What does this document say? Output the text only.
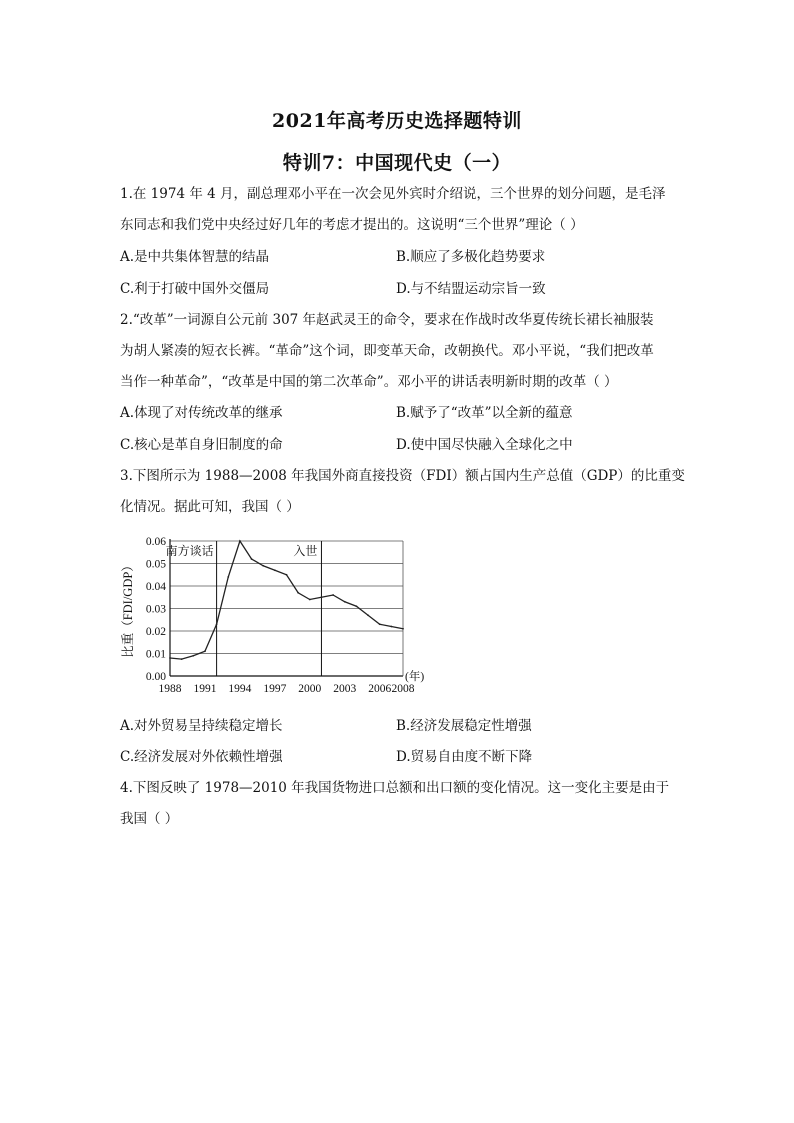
2021年高考历史选择题特训
特训7：中国现代史（一）
1.在 1974 年 4 月，副总理邓小平在一次会见外宾时介绍说，三个世界的划分问题，是毛泽
东同志和我们党中央经过好几年的考虑才提出的。这说明“三个世界”理论（ ）
A.是中共集体智慧的结晶	B.顺应了多极化趋势要求
C.利于打破中国外交僵局	D.与不结盟运动宗旨一致
2.“改革”一词源自公元前 307 年赵武灵王的命令，要求在作战时改华夏传统长裙长袖服装
为胡人紧凑的短衣长裤。“革命”这个词，即变革天命，改朝换代。邓小平说，“我们把改革
当作一种革命”，“改革是中国的第二次革命”。邓小平的讲话表明新时期的改革（ ）
A.体现了对传统改革的继承	B.赋予了“改革”以全新的蕴意
C.核心是革自身旧制度的命	D.使中国尽快融入全球化之中
3.下图所示为 1988—2008 年我国外商直接投资（FDI）额占国内生产总值（GDP）的比重变
化情况。据此可知，我国（ ）
0.00
0.01
0.02
0.03
0.04
0.05
0.06
1988 1991 1994 1997 2000 2003 2006 2008
南方谈话	入世
比重（FDI/GDP）
(年)
A.对外贸易呈持续稳定增长	B.经济发展稳定性增强
C.经济发展对外依赖性增强	D.贸易自由度不断下降
4.下图反映了 1978—2010 年我国货物进口总额和出口额的变化情况。这一变化主要是由于
我国（ ）
